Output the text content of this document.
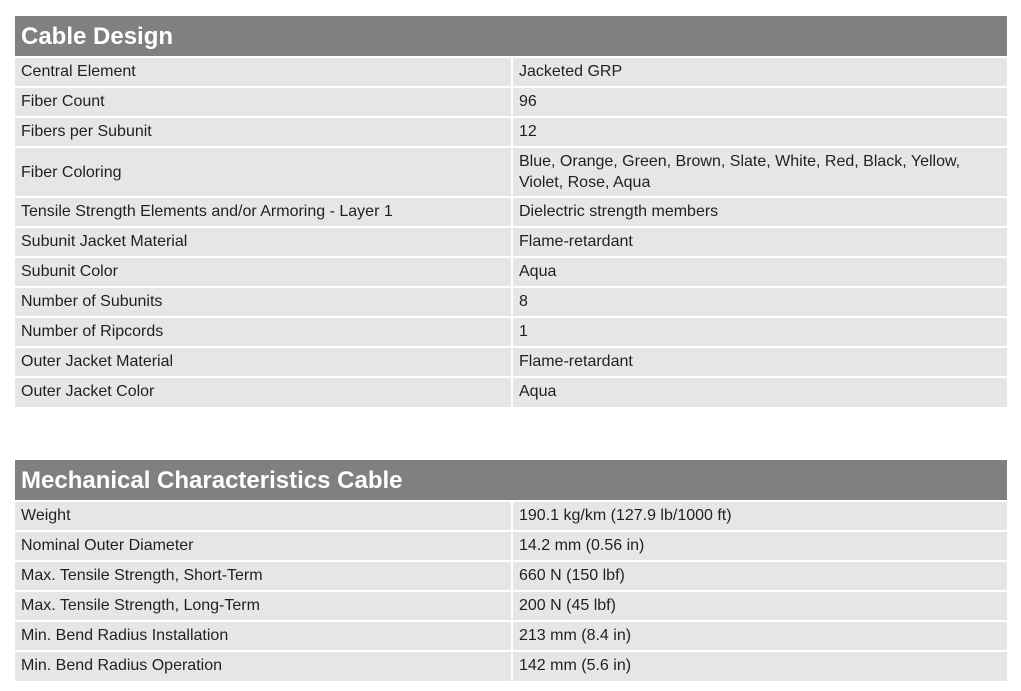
Cable Design
Central Element	Jacketed GRP
Fiber Count	96
Fibers per Subunit	12
Fiber Coloring	Blue, Orange, Green, Brown, Slate, White, Red, Black, Yellow, Violet, Rose, Aqua
Tensile Strength Elements and/or Armoring - Layer 1	Dielectric strength members
Subunit Jacket Material	Flame-retardant
Subunit Color	Aqua
Number of Subunits	8
Number of Ripcords	1
Outer Jacket Material	Flame-retardant
Outer Jacket Color	Aqua
Mechanical Characteristics Cable
Weight	190.1 kg/km (127.9 lb/1000 ft)
Nominal Outer Diameter	14.2 mm (0.56 in)
Max. Tensile Strength, Short-Term	660 N (150 lbf)
Max. Tensile Strength, Long-Term	200 N (45 lbf)
Min. Bend Radius Installation	213 mm (8.4 in)
Min. Bend Radius Operation	142 mm (5.6 in)
